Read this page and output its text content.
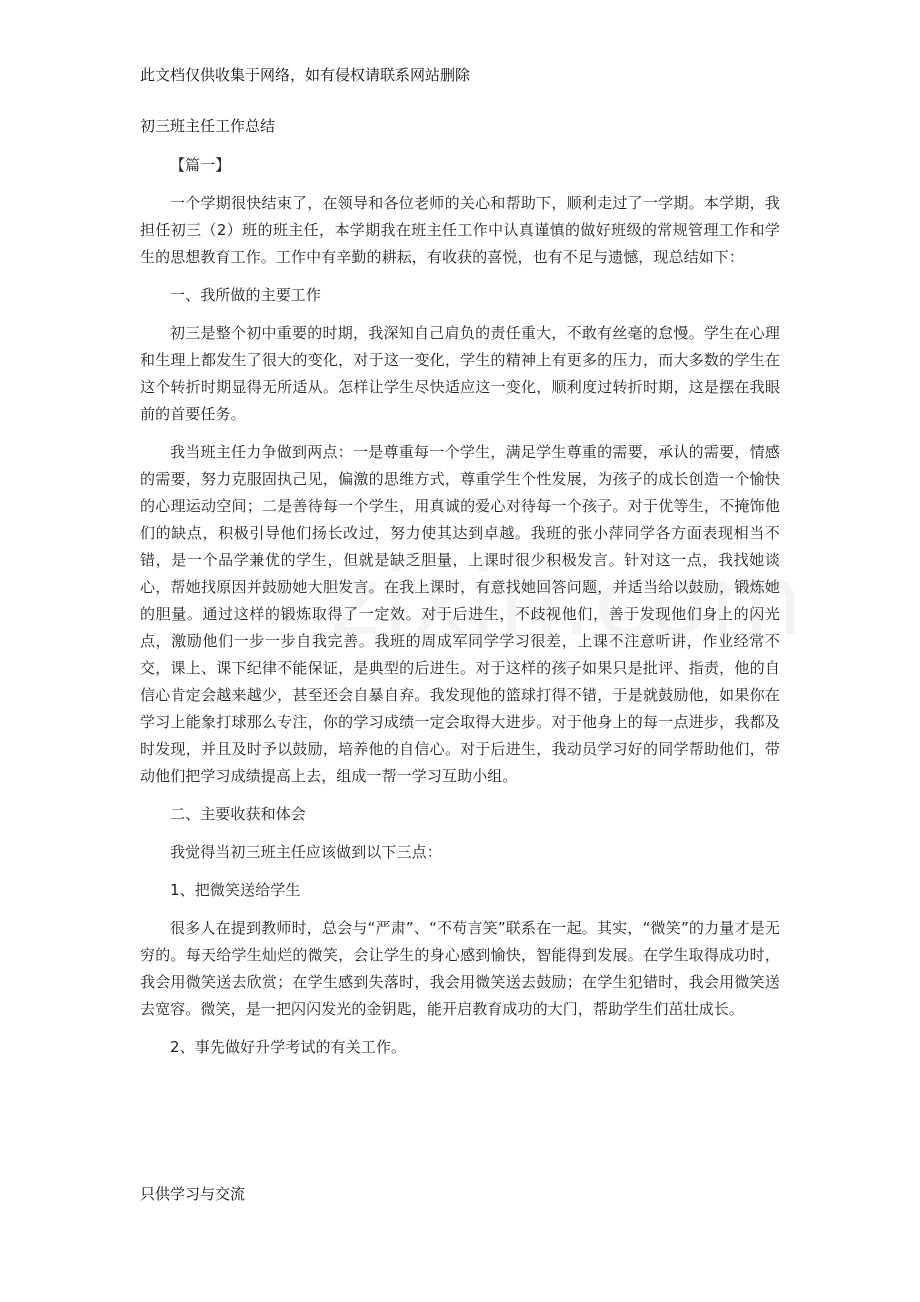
此文档仅供收集于网络，如有侵权请联系网站删除
初三班主任工作总结

【篇一】

一个学期很快结束了，在领导和各位老师的关心和帮助下，顺利走过了一学期。本学期，我担任初三（2）班的班主任，本学期我在班主任工作中认真谨慎的做好班级的常规管理工作和学生的思想教育工作。工作中有辛勤的耕耘，有收获的喜悦，也有不足与遗憾，现总结如下：

一、我所做的主要工作

初三是整个初中重要的时期，我深知自己肩负的责任重大，不敢有丝毫的怠慢。学生在心理和生理上都发生了很大的变化，对于这一变化，学生的精神上有更多的压力，而大多数的学生在这个转折时期显得无所适从。怎样让学生尽快适应这一变化，顺利度过转折时期，这是摆在我眼前的首要任务。

我当班主任力争做到两点：一是尊重每一个学生，满足学生尊重的需要，承认的需要，情感的需要，努力克服固执己见，偏激的思维方式，尊重学生个性发展，为孩子的成长创造一个愉快的心理运动空间；二是善待每一个学生，用真诚的爱心对待每一个孩子。对于优等生，不掩饰他们的缺点，积极引导他们扬长改过，努力使其达到卓越。我班的张小萍同学各方面表现相当不错，是一个品学兼优的学生，但就是缺乏胆量，上课时很少积极发言。针对这一点，我找她谈心，帮她找原因并鼓励她大胆发言。在我上课时，有意找她回答问题，并适当给以鼓励，锻炼她的胆量。通过这样的锻炼取得了一定效。对于后进生，不歧视他们，善于发现他们身上的闪光点，激励他们一步一步自我完善。我班的周成军同学学习很差，上课不注意听讲，作业经常不交，课上、课下纪律不能保证，是典型的后进生。对于这样的孩子如果只是批评、指责，他的自信心肯定会越来越少，甚至还会自暴自弃。我发现他的篮球打得不错，于是就鼓励他，如果你在学习上能象打球那么专注，你的学习成绩一定会取得大进步。对于他身上的每一点进步，我都及时发现，并且及时予以鼓励，培养他的自信心。对于后进生，我动员学习好的同学帮助他们，带动他们把学习成绩提高上去，组成一帮一学习互助小组。

二、主要收获和体会

我觉得当初三班主任应该做到以下三点：

1、把微笑送给学生

很多人在提到教师时，总会与“严肃”、“不苟言笑”联系在一起。其实，“微笑”的力量才是无穷的。每天给学生灿烂的微笑，会让学生的身心感到愉快，智能得到发展。在学生取得成功时，我会用微笑送去欣赏；在学生感到失落时，我会用微笑送去鼓励；在学生犯错时，我会用微笑送去宽容。微笑，是一把闪闪发光的金钥匙，能开启教育成功的大门，帮助学生们茁壮成长。

2、事先做好升学考试的有关工作。

只供学习与交流
